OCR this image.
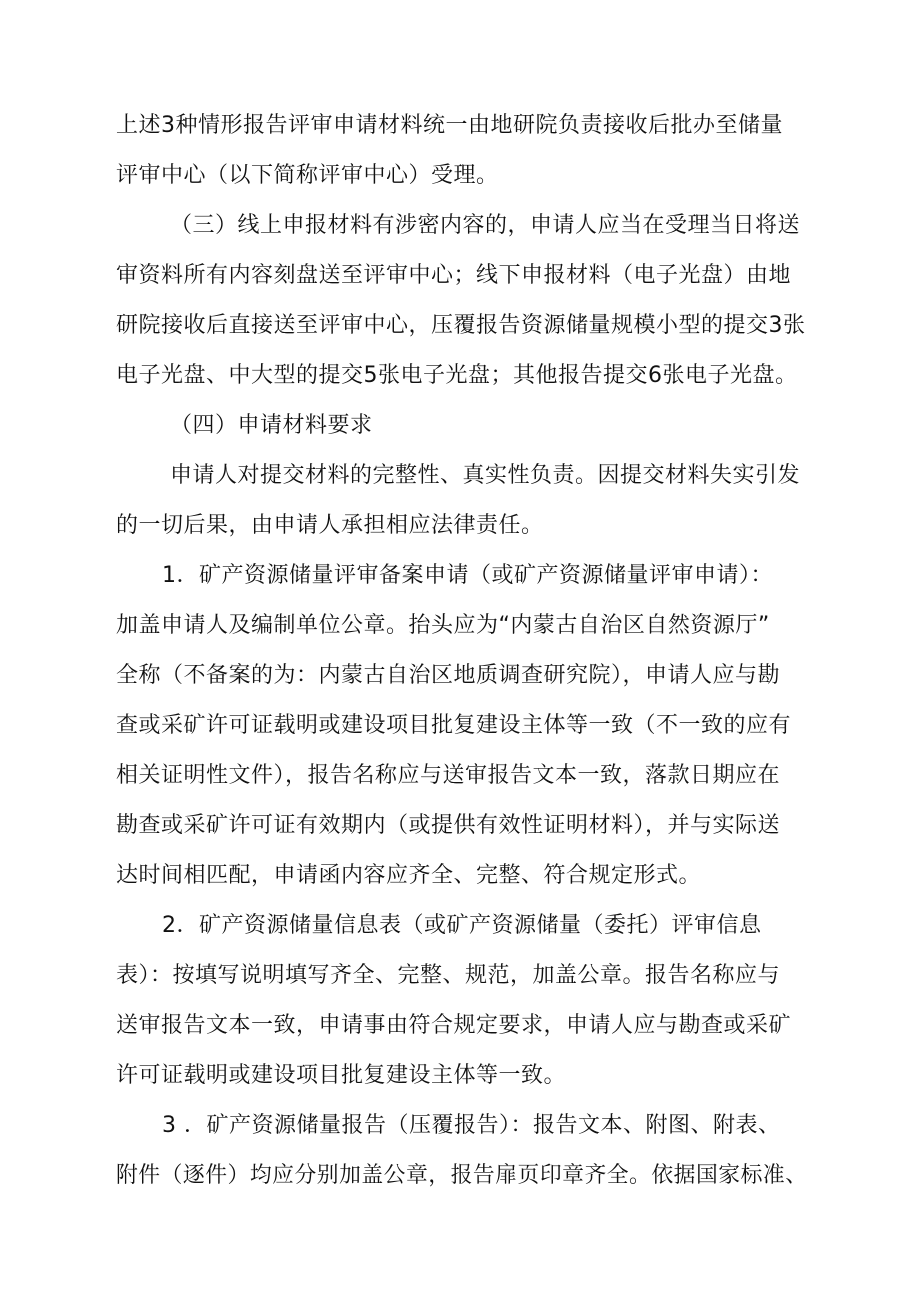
上述3种情形报告评审申请材料统一由地研院负责接收后批办至储量
评审中心（以下简称评审中心）受理。
（三）线上申报材料有涉密内容的，申请人应当在受理当日将送
审资料所有内容刻盘送至评审中心；线下申报材料（电子光盘）由地
研院接收后直接送至评审中心，压覆报告资源储量规模小型的提交3张
电子光盘、中大型的提交5张电子光盘；其他报告提交6张电子光盘。
（四）申请材料要求
申请人对提交材料的完整性、真实性负责。因提交材料失实引发
的一切后果，由申请人承担相应法律责任。
1．矿产资源储量评审备案申请（或矿产资源储量评审申请）：
加盖申请人及编制单位公章。抬头应为“内蒙古自治区自然资源厅”
全称（不备案的为：内蒙古自治区地质调查研究院），申请人应与勘
查或采矿许可证载明或建设项目批复建设主体等一致（不一致的应有
相关证明性文件），报告名称应与送审报告文本一致，落款日期应在
勘查或采矿许可证有效期内（或提供有效性证明材料），并与实际送
达时间相匹配，申请函内容应齐全、完整、符合规定形式。
2．矿产资源储量信息表（或矿产资源储量（委托）评审信息
表）：按填写说明填写齐全、完整、规范，加盖公章。报告名称应与
送审报告文本一致，申请事由符合规定要求，申请人应与勘查或采矿
许可证载明或建设项目批复建设主体等一致。
3 ．矿产资源储量报告（压覆报告）：报告文本、附图、附表、
附件（逐件）均应分别加盖公章，报告扉页印章齐全。依据国家标准、
